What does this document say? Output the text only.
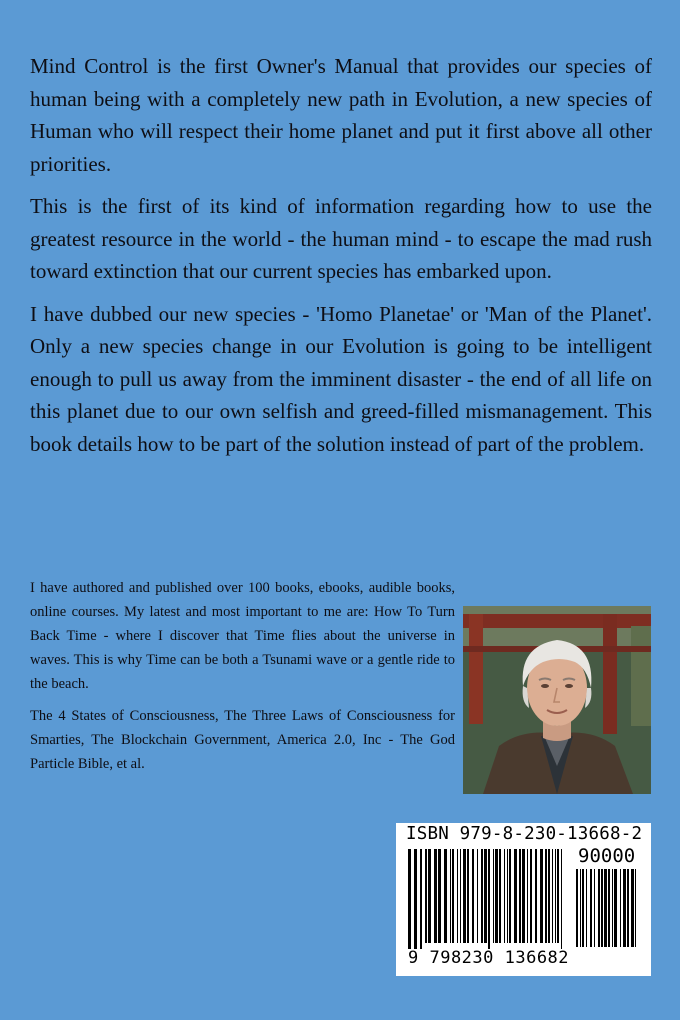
Mind Control is the first Owner's Manual that provides our species of human being with a completely new path in Evolution, a new species of Human who will respect their home planet and put it first above all other priorities.

This is the first of its kind of information regarding how to use the greatest resource in the world - the human mind - to escape the mad rush toward extinction that our current species has embarked upon.

I have dubbed our new species - 'Homo Planetae' or 'Man of the Planet'. Only a new species change in our Evolution is going to be intelligent enough to pull us away from the imminent disaster - the end of all life on this planet due to our own selfish and greed-filled mismanagement. This book details how to be part of the solution instead of part of the problem.

I have authored and published over 100 books, ebooks, audible books, online courses. My latest and most important to me are: How To Turn Back Time - where I discover that Time flies about the universe in waves. This is why Time can be both a Tsunami wave or a gentle ride to the beach.

The 4 States of Consciousness, The Three Laws of Consciousness for Smarties, The Blockchain Government, America 2.0, Inc - The God Particle Bible, et al.

ISBN 979-8-230-13668-2
90000
9 798230 136682
